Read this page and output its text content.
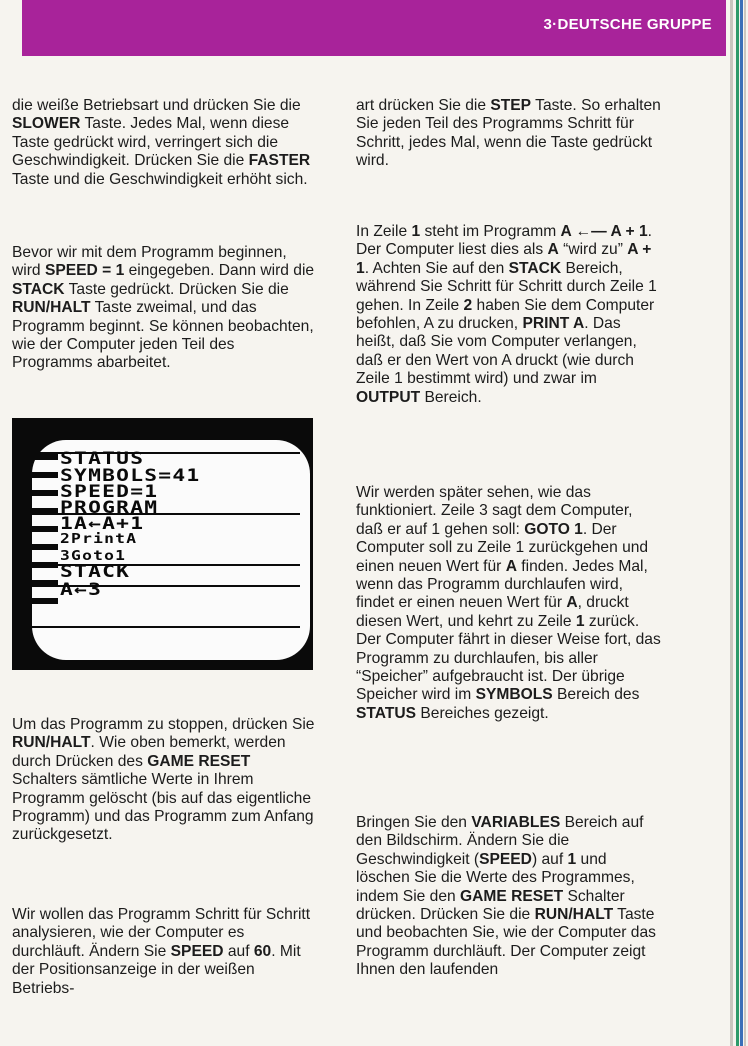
3·DEUTSCHE GRUPPE
die weiße Betriebsart und drücken Sie die SLOWER Taste. Jedes Mal, wenn diese Taste gedrückt wird, verringert sich die Geschwindigkeit. Drücken Sie die FASTER Taste und die Geschwindigkeit erhöht sich.
Bevor wir mit dem Programm beginnen, wird SPEED = 1 eingegeben. Dann wird die STACK Taste gedrückt. Drücken Sie die RUN/HALT Taste zweimal, und das Programm beginnt. Se können beobachten, wie der Computer jeden Teil des Programms abarbeitet.
STATUS
SYMBOLS=41
SPEED=1
PROGRAM
1A←A+1
2PrintA
3Goto1
STACK
A←3
Um das Programm zu stoppen, drücken Sie RUN/HALT. Wie oben bemerkt, werden durch Drücken des GAME RESET Schalters sämtliche Werte in Ihrem Programm gelöscht (bis auf das eigentliche Programm) und das Programm zum Anfang zurückgesetzt.
Wir wollen das Programm Schritt für Schritt analysieren, wie der Computer es durchläuft. Ändern Sie SPEED auf 60. Mit der Positionsanzeige in der weißen Betriebs-
art drücken Sie die STEP Taste. So erhalten Sie jeden Teil des Programms Schritt für Schritt, jedes Mal, wenn die Taste gedrückt wird.
In Zeile 1 steht im Programm A ←— A + 1. Der Computer liest dies als A “wird zu” A + 1. Achten Sie auf den STACK Bereich, während Sie Schritt für Schritt durch Zeile 1 gehen. In Zeile 2 haben Sie dem Computer befohlen, A zu drucken, PRINT A. Das heißt, daß Sie vom Computer verlangen, daß er den Wert von A druckt (wie durch Zeile 1 bestimmt wird) und zwar im OUTPUT Bereich.
Wir werden später sehen, wie das funktioniert. Zeile 3 sagt dem Computer, daß er auf 1 gehen soll: GOTO 1. Der Computer soll zu Zeile 1 zurückgehen und einen neuen Wert für A finden. Jedes Mal, wenn das Programm durchlaufen wird, findet er einen neuen Wert für A, druckt diesen Wert, und kehrt zu Zeile 1 zurück. Der Computer fährt in dieser Weise fort, das Programm zu durchlaufen, bis aller “Speicher” aufgebraucht ist. Der übrige Speicher wird im SYMBOLS Bereich des STATUS Bereiches gezeigt.
Bringen Sie den VARIABLES Bereich auf den Bildschirm. Ändern Sie die Geschwindigkeit (SPEED) auf 1 und löschen Sie die Werte des Programmes, indem Sie den GAME RESET Schalter drücken. Drücken Sie die RUN/HALT Taste und beobachten Sie, wie der Computer das Programm durchläuft. Der Computer zeigt Ihnen den laufenden
